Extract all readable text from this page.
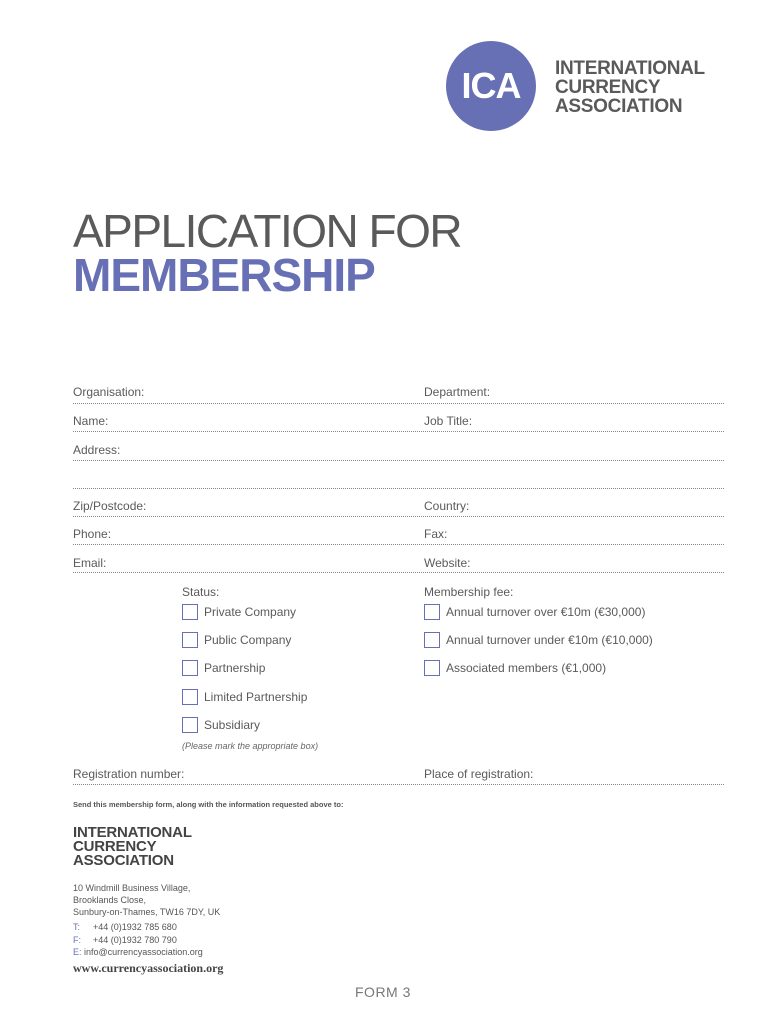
ICA	INTERNATIONAL
CURRENCY
ASSOCIATION
APPLICATION FOR
MEMBERSHIP
Organisation:	Department:
Name:	Job Title:
Address:
Zip/Postcode:	Country:
Phone:	Fax:
Email:	Website:
Status:
Private Company
Public Company
Partnership
Limited Partnership
Subsidiary
(Please mark the appropriate box)
Membership fee:
Annual turnover over €10m (€30,000)
Annual turnover under €10m (€10,000)
Associated members (€1,000)
Registration number:	Place of registration:
Send this membership form, along with the information requested above to:
INTERNATIONAL
CURRENCY
ASSOCIATION
10 Windmill Business Village,
Brooklands Close,
Sunbury-on-Thames, TW16 7DY, UK
T: +44 (0)1932 785 680
F: +44 (0)1932 780 790
E: info@currencyassociation.org
www.currencyassociation.org
FORM 3
